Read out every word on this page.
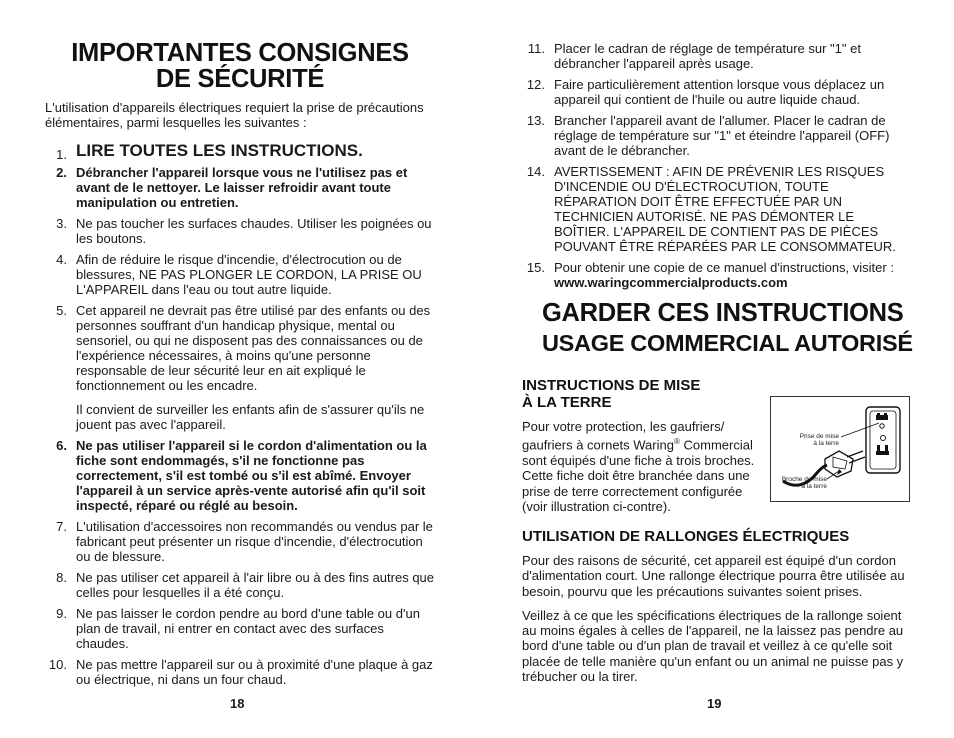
IMPORTANTES CONSIGNES
DE SÉCURITÉ
L'utilisation d'appareils électriques requiert la prise de précautions élémentaires, parmi lesquelles les suivantes :
1. LIRE TOUTES LES INSTRUCTIONS.
2. Débrancher l'appareil lorsque vous ne l'utilisez pas et avant de le nettoyer. Le laisser refroidir avant toute manipulation ou entretien.
3. Ne pas toucher les surfaces chaudes. Utiliser les poignées ou les boutons.
4. Afin de réduire le risque d'incendie, d'électrocution ou de blessures, NE PAS PLONGER LE CORDON, LA PRISE OU L'APPAREIL dans l'eau ou tout autre liquide.
5. Cet appareil ne devrait pas être utilisé par des enfants ou des personnes souffrant d'un handicap physique, mental ou sensoriel, ou qui ne disposent pas des connaissances ou de l'expérience nécessaires, à moins qu'une personne responsable de leur sécurité leur en ait expliqué le fonctionnement ou les encadre.
Il convient de surveiller les enfants afin de s'assurer qu'ils ne jouent pas avec l'appareil.
6. Ne pas utiliser l'appareil si le cordon d'alimentation ou la fiche sont endommagés, s'il ne fonctionne pas correctement, s'il est tombé ou s'il est abîmé. Envoyer l'appareil à un service après-vente autorisé afin qu'il soit inspecté, réparé ou réglé au besoin.
7. L'utilisation d'accessoires non recommandés ou vendus par le fabricant peut présenter un risque d'incendie, d'électrocution ou de blessure.
8. Ne pas utiliser cet appareil à l'air libre ou à des fins autres que celles pour lesquelles il a été conçu.
9. Ne pas laisser le cordon pendre au bord d'une table ou d'un plan de travail, ni entrer en contact avec des surfaces chaudes.
10. Ne pas mettre l'appareil sur ou à proximité d'une plaque à gaz ou électrique, ni dans un four chaud.
18
11. Placer le cadran de réglage de température sur "1" et débrancher l'appareil après usage.
12. Faire particulièrement attention lorsque vous déplacez un appareil qui contient de l'huile ou autre liquide chaud.
13. Brancher l'appareil avant de l'allumer. Placer le cadran de réglage de température sur "1" et éteindre l'appareil (OFF) avant de le débrancher.
14. AVERTISSEMENT : AFIN DE PRÉVENIR LES RISQUES D'INCENDIE OU D'ÉLECTROCUTION, TOUTE RÉPARATION DOIT ÊTRE EFFECTUÉE PAR UN TECHNICIEN AUTORISÉ. NE PAS DÉMONTER LE BOÎTIER. L'APPAREIL DE CONTIENT PAS DE PIÈCES POUVANT ÊTRE RÉPARÉES PAR LE CONSOMMATEUR.
15. Pour obtenir une copie de ce manuel d'instructions, visiter :
www.waringcommercialproducts.com
GARDER CES INSTRUCTIONS
USAGE COMMERCIAL AUTORISÉ
INSTRUCTIONS DE MISE
À LA TERRE
Pour votre protection, les gaufriers/ gaufriers à cornets Waring® Commercial sont équipés d'une fiche à trois broches. Cette fiche doit être branchée dans une prise de terre correctement configurée (voir illustration ci-contre).
Prise de mise
à la terre
Broche de mise
à la terre
UTILISATION DE RALLONGES ÉLECTRIQUES

Pour des raisons de sécurité, cet appareil est équipé d'un cordon d'alimentation court. Une rallonge électrique pourra être utilisée au besoin, pourvu que les précautions suivantes soient prises.

Veillez à ce que les spécifications électriques de la rallonge soient au moins égales à celles de l'appareil, ne la laissez pas pendre au bord d'une table ou d'un plan de travail et veillez à ce qu'elle soit placée de telle manière qu'un enfant ou un animal ne puisse pas y trébucher ou la tirer.

19
